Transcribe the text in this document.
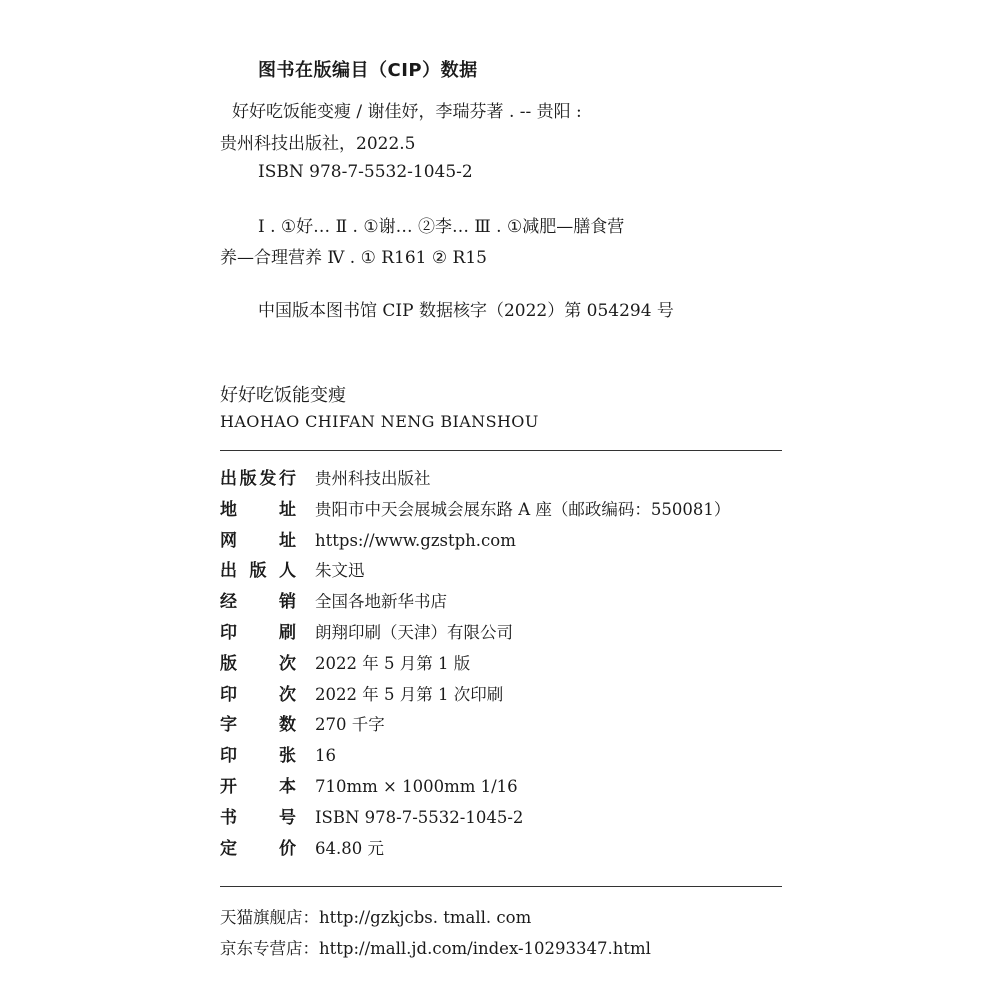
图书在版编目（CIP）数据
好好吃饭能变瘦 / 谢佳妤，李瑞芬著 . -- 贵阳 :
贵州科技出版社，2022.5
ISBN 978-7-5532-1045-2
Ⅰ . ①好… Ⅱ . ①谢… ②李… Ⅲ . ①减肥—膳食营
养—合理营养 Ⅳ . ① R161 ② R15
中国版本图书馆 CIP 数据核字（2022）第 054294 号
好好吃饭能变瘦
HAOHAO CHIFAN NENG BIANSHOU
出 版 发 行 贵州科技出版社
地 址 贵阳市中天会展城会展东路 A 座（邮政编码：550081）
网 址 https://www.gzstph.com
出 版 人 朱文迅
经 销 全国各地新华书店
印 刷 朗翔印刷（天津）有限公司
版 次 2022 年 5 月第 1 版
印 次 2022 年 5 月第 1 次印刷
字 数 270 千字
印 张 16
开 本 710mm × 1000mm 1/16
书 号 ISBN 978-7-5532-1045-2
定 价 64.80 元
天猫旗舰店：http://gzkjcbs. tmall. com
京东专营店：http://mall.jd.com/index-10293347.html
